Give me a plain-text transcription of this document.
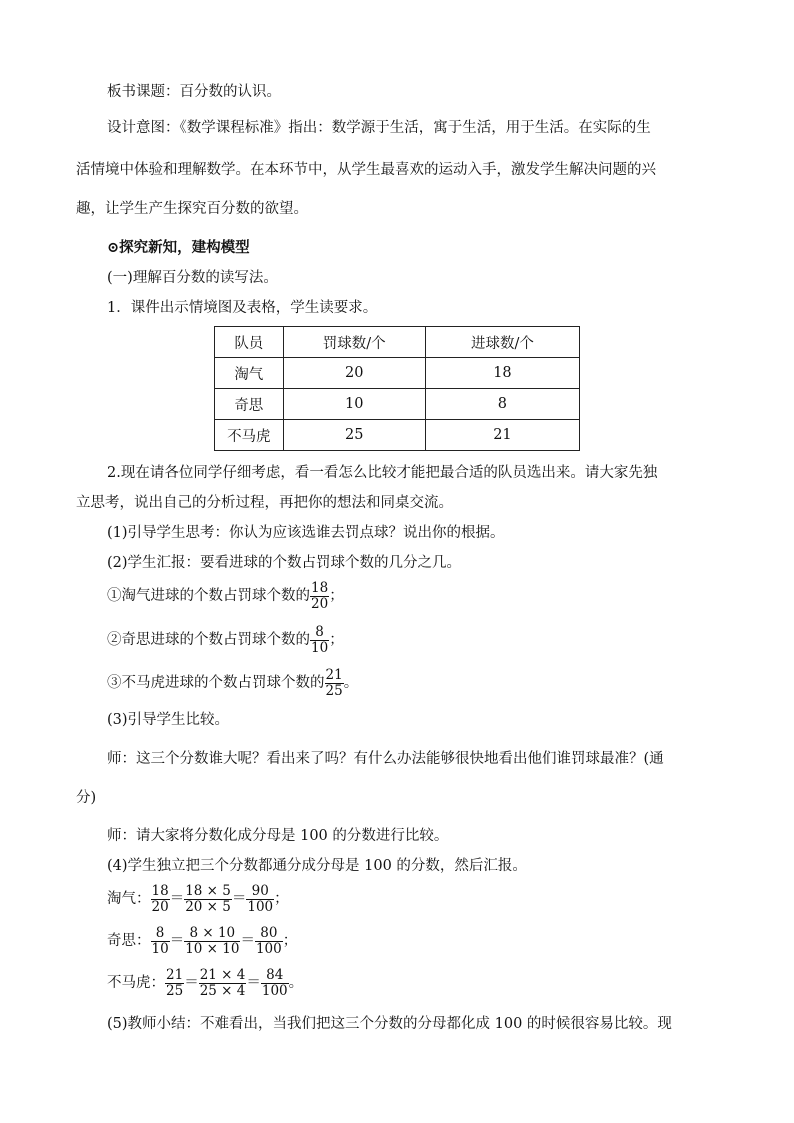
板书课题：百分数的认识。
设计意图：《数学课程标准》指出：数学源于生活，寓于生活，用于生活。在实际的生
活情境中体验和理解数学。在本环节中，从学生最喜欢的运动入手，激发学生解决问题的兴
趣，让学生产生探究百分数的欲望。
⊙探究新知，建构模型
(一)理解百分数的读写法。
1．课件出示情境图及表格，学生读要求。
队员	罚球数/个	进球数/个
淘气	20	18
奇思	10	8
不马虎	25	21
2.现在请各位同学仔细考虑，看一看怎么比较才能把最合适的队员选出来。请大家先独
立思考，说出自己的分析过程，再把你的想法和同桌交流。
(1)引导学生思考：你认为应该选谁去罚点球？说出你的根据。
(2)学生汇报：要看进球的个数占罚球个数的几分之几。
①淘气进球的个数占罚球个数的 $\frac{18}{20}$ ；
②奇思进球的个数占罚球个数的 $\frac{8}{10}$ ；
③不马虎进球的个数占罚球个数的 $\frac{21}{25}$ 。
(3)引导学生比较。
师：这三个分数谁大呢？看出来了吗？有什么办法能够很快地看出他们谁罚球最准？(通
分)
师：请大家将分数化成分母是 100 的分数进行比较。
(4)学生独立把三个分数都通分成分母是 100 的分数，然后汇报。
淘气： $\frac{18}{20} = \frac{18 \times 5}{20 \times 5} = \frac{90}{100}$ ；
奇思： $\frac{8}{10} = \frac{8 \times 10}{10 \times 10} = \frac{80}{100}$ ；
不马虎： $\frac{21}{25} = \frac{21 \times 4}{25 \times 4} = \frac{84}{100}$ 。
(5)教师小结：不难看出，当我们把这三个分数的分母都化成 100 的时候很容易比较。现
